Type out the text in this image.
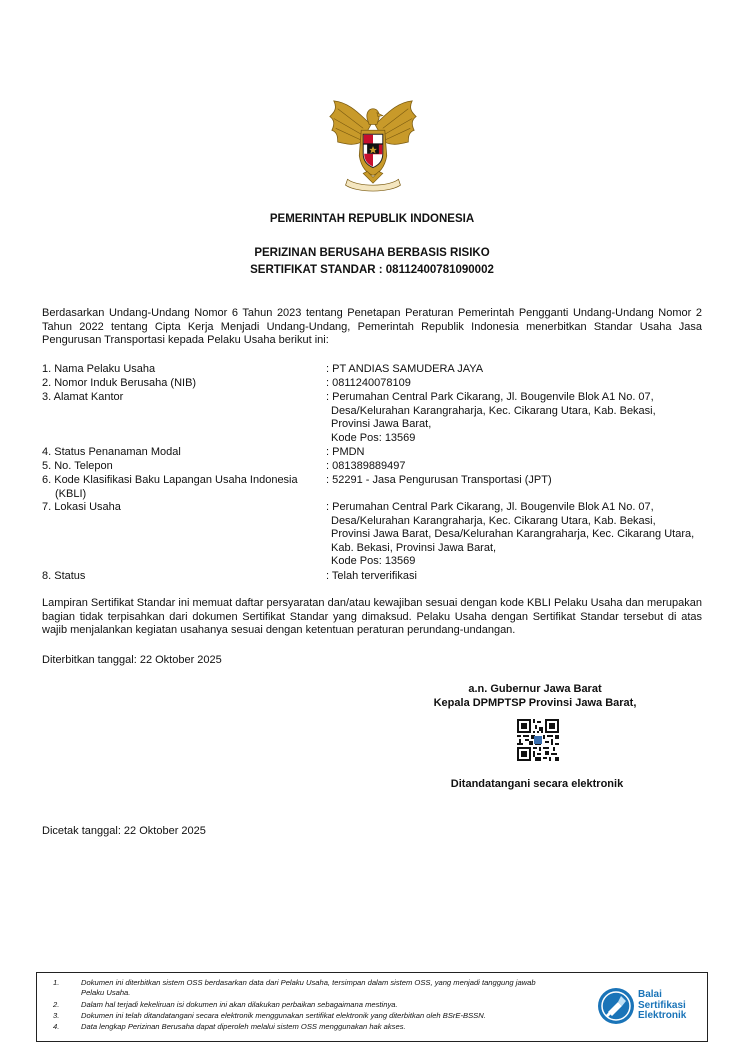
PEMERINTAH REPUBLIK INDONESIA
PERIZINAN BERUSAHA BERBASIS RISIKO
SERTIFIKAT STANDAR : 08112400781090002
Berdasarkan Undang-Undang Nomor 6 Tahun 2023 tentang Penetapan Peraturan Pemerintah Pengganti Undang-Undang Nomor 2 Tahun 2022 tentang Cipta Kerja Menjadi Undang-Undang, Pemerintah Republik Indonesia menerbitkan Standar Usaha Jasa Pengurusan Transportasi kepada Pelaku Usaha berikut ini:
1. Nama Pelaku Usaha	: PT ANDIAS SAMUDERA JAYA
2. Nomor Induk Berusaha (NIB)	: 0811240078109
3. Alamat Kantor	: Perumahan Central Park Cikarang, Jl. Bougenvile Blok A1 No. 07,
Desa/Kelurahan Karangraharja, Kec. Cikarang Utara, Kab. Bekasi,
Provinsi Jawa Barat,
Kode Pos: 13569
4. Status Penanaman Modal	: PMDN
5. No. Telepon	: 081389889497
6. Kode Klasifikasi Baku Lapangan Usaha Indonesia
(KBLI)
: 52291 - Jasa Pengurusan Transportasi (JPT)
7. Lokasi Usaha	: Perumahan Central Park Cikarang, Jl. Bougenvile Blok A1 No. 07,
Desa/Kelurahan Karangraharja, Kec. Cikarang Utara, Kab. Bekasi,
Provinsi Jawa Barat, Desa/Kelurahan Karangraharja, Kec. Cikarang Utara,
Kab. Bekasi, Provinsi Jawa Barat,
Kode Pos: 13569
8. Status	: Telah terverifikasi
Lampiran Sertifikat Standar ini memuat daftar persyaratan dan/atau kewajiban sesuai dengan kode KBLI Pelaku Usaha dan merupakan bagian tidak terpisahkan dari dokumen Sertifikat Standar yang dimaksud. Pelaku Usaha dengan Sertifikat Standar tersebut di atas wajib menjalankan kegiatan usahanya sesuai dengan ketentuan peraturan perundang-undangan.
Diterbitkan tanggal: 22 Oktober 2025
a.n. Gubernur Jawa Barat
Kepala DPMPTSP Provinsi Jawa Barat,
Ditandatangani secara elektronik
Dicetak tanggal: 22 Oktober 2025
1.	Dokumen ini diterbitkan sistem OSS berdasarkan data dari Pelaku Usaha, tersimpan dalam sistem OSS, yang menjadi tanggung jawab
Pelaku Usaha.
2.	Dalam hal terjadi kekeliruan isi dokumen ini akan dilakukan perbaikan sebagaimana mestinya.
3.	Dokumen ini telah ditandatangani secara elektronik menggunakan sertifikat elektronik yang diterbitkan oleh BSrE-BSSN.
4.	Data lengkap Perizinan Berusaha dapat diperoleh melalui sistem OSS menggunakan hak akses.
Balai
Sertifikasi
Elektronik
